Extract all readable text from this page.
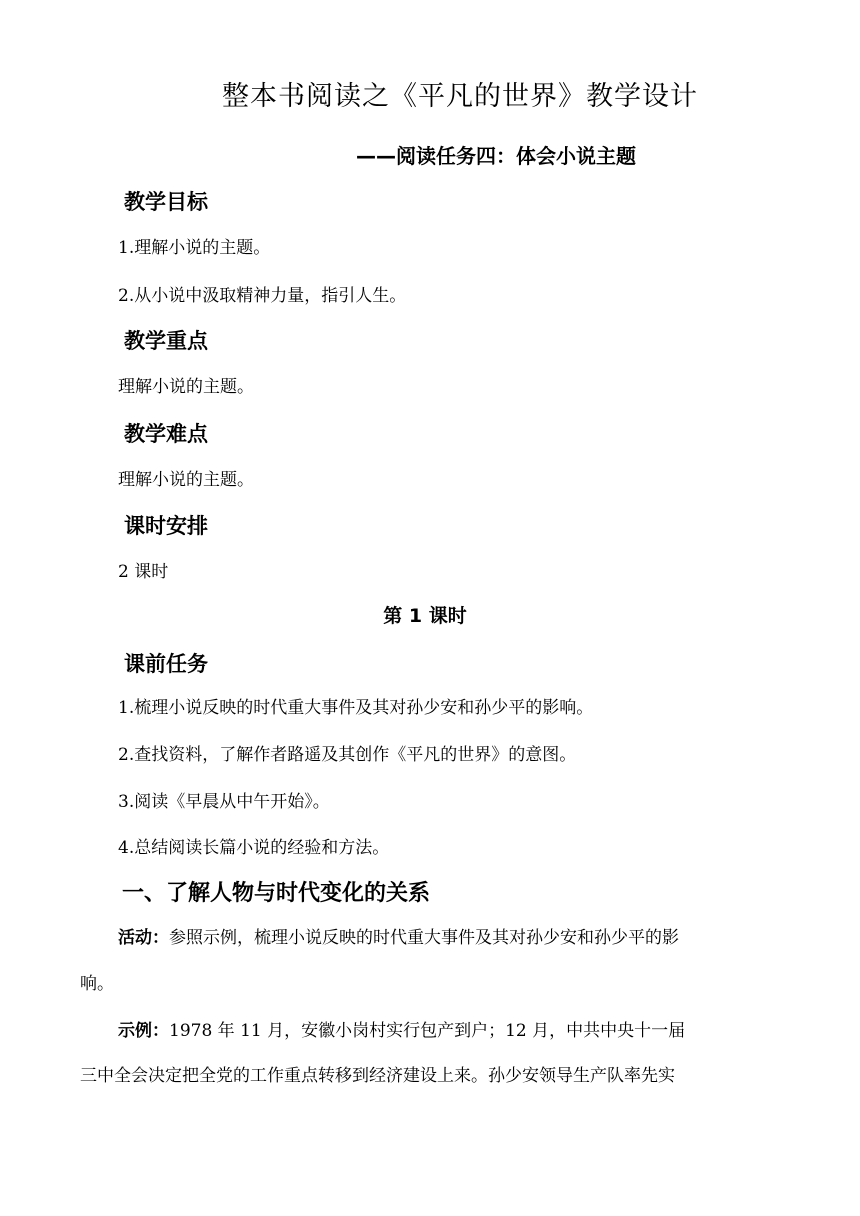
整本书阅读之《平凡的世界》教学设计
——阅读任务四：体会小说主题
教学目标
1.理解小说的主题。
2.从小说中汲取精神力量，指引人生。
教学重点
理解小说的主题。
教学难点
理解小说的主题。
课时安排
2 课时
第 1 课时
课前任务
1.梳理小说反映的时代重大事件及其对孙少安和孙少平的影响。
2.查找资料，了解作者路遥及其创作《平凡的世界》的意图。
3.阅读《早晨从中午开始》。
4.总结阅读长篇小说的经验和方法。
一、了解人物与时代变化的关系
活动：参照示例，梳理小说反映的时代重大事件及其对孙少安和孙少平的影
响。
示例：1978 年 11 月，安徽小岗村实行包产到户；12 月，中共中央十一届
三中全会决定把全党的工作重点转移到经济建设上来。孙少安领导生产队率先实
